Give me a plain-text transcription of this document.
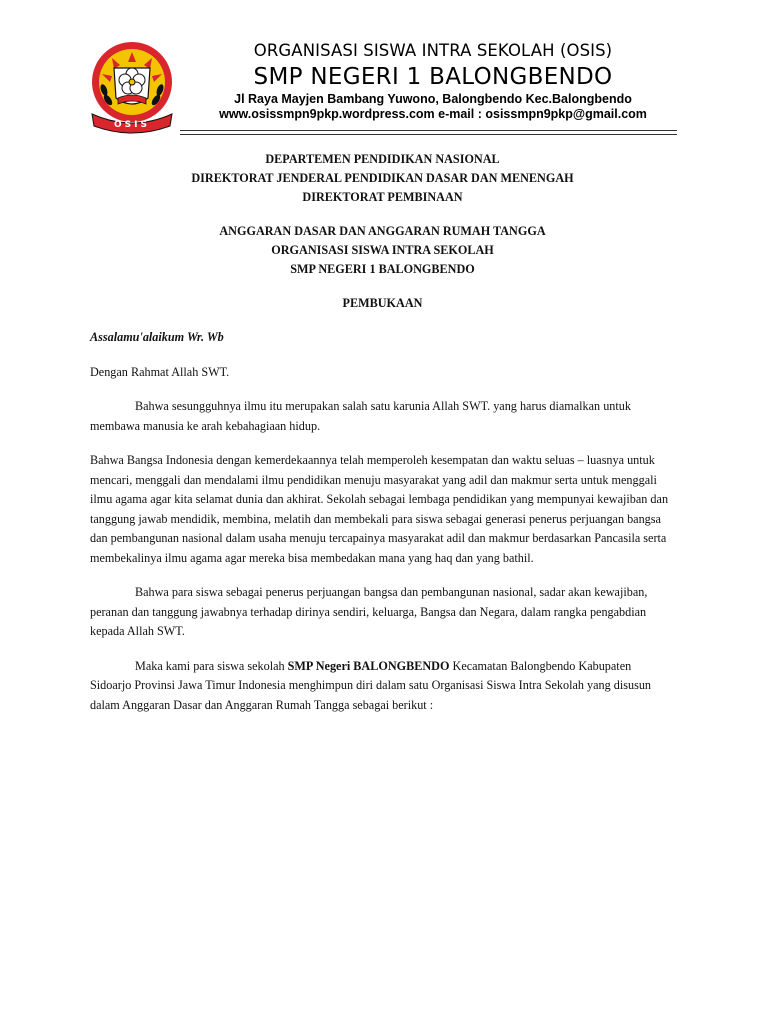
OSIS
ORGANISASI SISWA INTRA SEKOLAH (OSIS)
SMP NEGERI 1 BALONGBENDO
Jl Raya Mayjen Bambang Yuwono, Balongbendo Kec.Balongbendo
www.osissmpn9pkp.wordpress.com e-mail : osissmpn9pkp@gmail.com

DEPARTEMEN PENDIDIKAN NASIONAL

DIREKTORAT JENDERAL PENDIDIKAN DASAR DAN MENENGAH

DIREKTORAT PEMBINAAN

ANGGARAN DASAR DAN ANGGARAN RUMAH TANGGA

ORGANISASI SISWA INTRA SEKOLAH

SMP NEGERI 1 BALONGBENDO

PEMBUKAAN

Assalamu'alaikum Wr. Wb

Dengan Rahmat Allah SWT.

Bahwa sesungguhnya ilmu itu merupakan salah satu karunia Allah SWT. yang harus diamalkan untuk membawa manusia ke arah kebahagiaan hidup.

Bahwa Bangsa Indonesia dengan kemerdekaannya telah memperoleh kesempatan dan waktu seluas – luasnya untuk mencari, menggali dan mendalami ilmu pendidikan menuju masyarakat yang adil dan makmur serta untuk menggali ilmu agama agar kita selamat dunia dan akhirat. Sekolah sebagai lembaga pendidikan yang mempunyai kewajiban dan tanggung jawab mendidik, membina, melatih dan membekali para siswa sebagai generasi penerus perjuangan bangsa dan pembangunan nasional dalam usaha menuju tercapainya masyarakat adil dan makmur berdasarkan Pancasila serta membekalinya ilmu agama agar mereka bisa membedakan mana yang haq dan yang bathil.

Bahwa para siswa sebagai penerus perjuangan bangsa dan pembangunan nasional, sadar akan kewajiban, peranan dan tanggung jawabnya terhadap dirinya sendiri, keluarga, Bangsa dan Negara, dalam rangka pengabdian kepada Allah SWT.

Maka kami para siswa sekolah SMP Negeri BALONGBENDO Kecamatan Balongbendo Kabupaten Sidoarjo Provinsi Jawa Timur Indonesia menghimpun diri dalam satu Organisasi Siswa Intra Sekolah yang disusun dalam Anggaran Dasar dan Anggaran Rumah Tangga sebagai berikut :
